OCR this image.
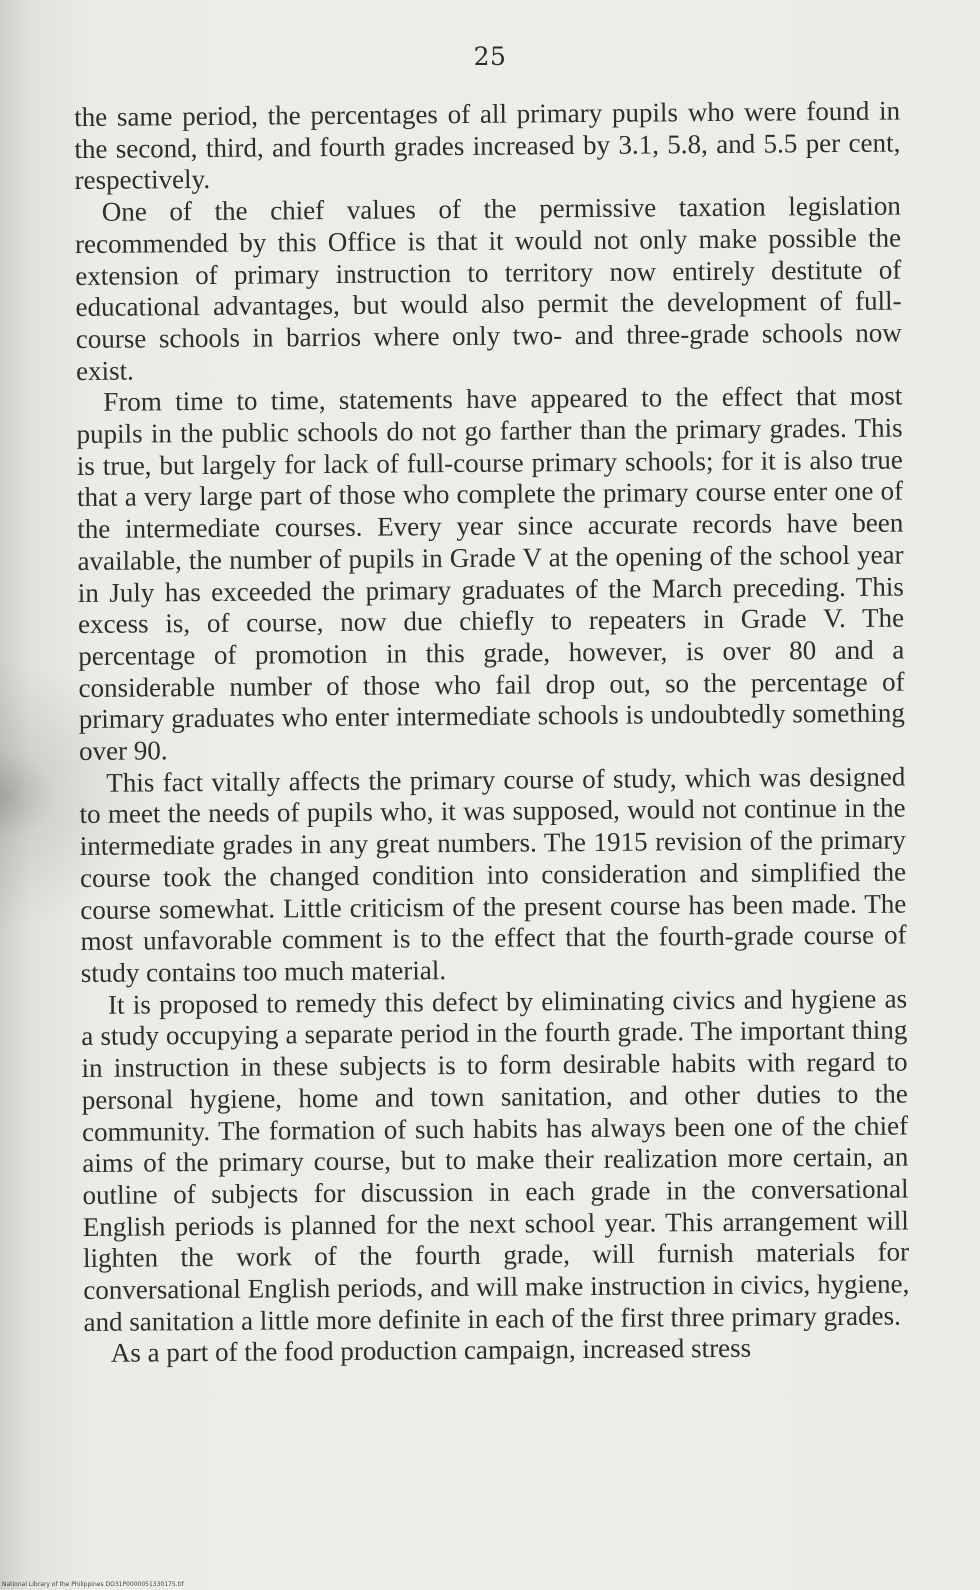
25

the same period, the percentages of all primary pupils who were found in the second, third, and fourth grades increased by 3.1, 5.8, and 5.5 per cent, respectively.

One of the chief values of the permissive taxation legislation recommended by this Office is that it would not only make possible the extension of primary instruction to territory now entirely destitute of educational advantages, but would also permit the development of full-course schools in barrios where only two- and three-grade schools now exist.

From time to time, statements have appeared to the effect that most pupils in the public schools do not go farther than the primary grades. This is true, but largely for lack of full-course primary schools; for it is also true that a very large part of those who complete the primary course enter one of the intermediate courses. Every year since accurate records have been available, the number of pupils in Grade V at the opening of the school year in July has exceeded the primary graduates of the March preceding. This excess is, of course, now due chiefly to repeaters in Grade V. The percentage of promotion in this grade, however, is over 80 and a considerable number of those who fail drop out, so the percentage of primary graduates who enter intermediate schools is undoubtedly something over 90.

This fact vitally affects the primary course of study, which was designed to meet the needs of pupils who, it was supposed, would not continue in the intermediate grades in any great numbers. The 1915 revision of the primary course took the changed condition into consideration and simplified the course somewhat. Little criticism of the present course has been made. The most unfavorable comment is to the effect that the fourth-grade course of study contains too much material.

It is proposed to remedy this defect by eliminating civics and hygiene as a study occupying a separate period in the fourth grade. The important thing in instruction in these subjects is to form desirable habits with regard to personal hygiene, home and town sanitation, and other duties to the community. The formation of such habits has always been one of the chief aims of the primary course, but to make their realization more certain, an outline of subjects for discussion in each grade in the conversational English periods is planned for the next school year. This arrangement will lighten the work of the fourth grade, will furnish materials for conversational English periods, and will make instruction in civics, hygiene, and sanitation a little more definite in each of the first three primary grades.

As a part of the food production campaign, increased stress

National Library of the Philippines DO31P0000051330175.tif
